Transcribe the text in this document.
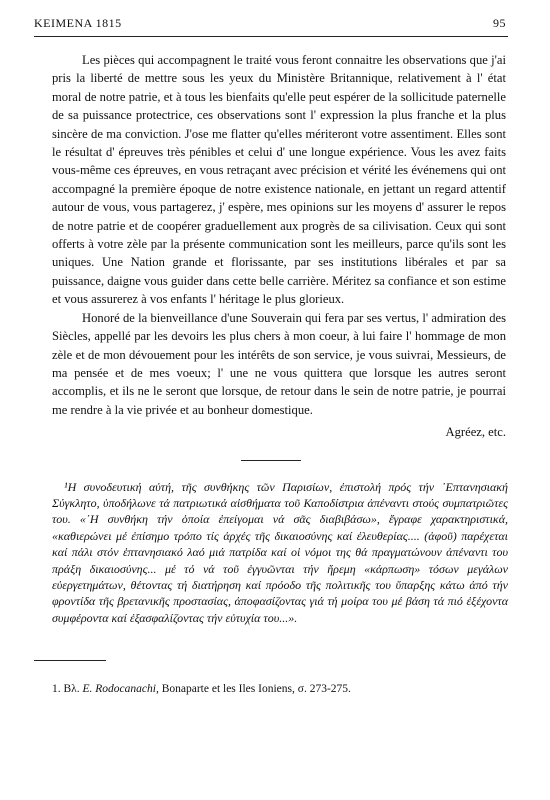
ΚΕΙΜΕΝΑ 1815	95

Les pièces qui accompagnent le traité vous feront connaitre les observations que j'ai pris la liberté de mettre sous les yeux du Ministère Britannique, relativement à l' état moral de notre patrie, et à tous les bienfaits qu'elle peut espérer de la sollicitude paternelle de sa puissance protectrice, ces observations sont l' expression la plus franche et la plus sincère de ma conviction. J'ose me flatter qu'elles mériteront votre assentiment. Elles sont le résultat d' épreuves très pénibles et celui d' une longue expérience. Vous les avez faits vous-même ces épreuves, en vous retraçant avec précision et vérité les événemens qui ont accompagné la première époque de notre existence nationale, en jettant un regard attentif autour de vous, vous partagerez, j' espère, mes opinions sur les moyens d' assurer le repos de notre patrie et de coopérer graduellement aux progrès de sa cilivisation. Ceux qui sont offerts à votre zèle par la présente communication sont les meilleurs, parce qu'ils sont les uniques. Une Nation grande et florissante, par ses institutions libérales et par sa puissance, daigne vous guider dans cette belle carrière. Méritez sa confiance et son estime et vous assurerez à vos enfants l' héritage le plus glorieux.

Honoré de la bienveillance d'une Souverain qui fera par ses vertus, l' admiration des Siècles, appellé par les devoirs les plus chers à mon coeur, à lui faire l' hommage de mon zèle et de mon dévouement pour les intérêts de son service, je vous suivrai, Messieurs, de ma pensée et de mes voeux; l' une ne vous quittera que lorsque les autres seront accomplis, et ils ne le seront que lorsque, de retour dans le sein de notre patrie, je pourrai me rendre à la vie privée et au bonheur domestique.

Agréez, etc.

¹Η συνοδευτική αὐτή, τῆς συνθήκης τῶν Παρισίων, ἐπιστολή πρός τήν ᾿Επτανησιακή Σύγκλητο, ὑποδήλωνε τά πατριωτικά αἰσθήματα τοῦ Καποδίστρια ἀπέναντι στούς συμπατριῶτες του. «᾿Η συνθήκη τήν ὁποία ἐπείγομαι νά σᾶς διαβιβάσω», ἔγραφε χαρακτηριστικά, «καθιερώνει μέ ἐπίσημο τρόπο τίς ἀρχές τῆς δικαιοσύνης καί ἐλευθερίας.... (ἀφοῦ) παρέχεται καί πάλι στόν ἑπτανησιακό λαό μιά πατρίδα καί οἱ νόμοι της θά πραγματώνουν ἀπέναντι του πράξη δικαιοσύνης... μέ τό νά τοῦ ἐγγυῶνται τήν ἤρεμη «κάρπωση» τόσων μεγάλων εὐεργετημάτων, θέτοντας τή διατήρηση καί πρόοδο τῆς πολιτικῆς του ὕπαρξης κάτω ἀπό τήν φροντίδα τῆς βρετανικῆς προστασίας, ἀποφασίζοντας γιά τή μοίρα του μέ βάση τά πιό ἐξέχοντα συμφέροντα καί ἐξασφαλίζοντας τήν εὐτυχία του...».

1. Βλ. E. Rodocanachi, Bonaparte et les Iles Ioniens, σ. 273-275.
